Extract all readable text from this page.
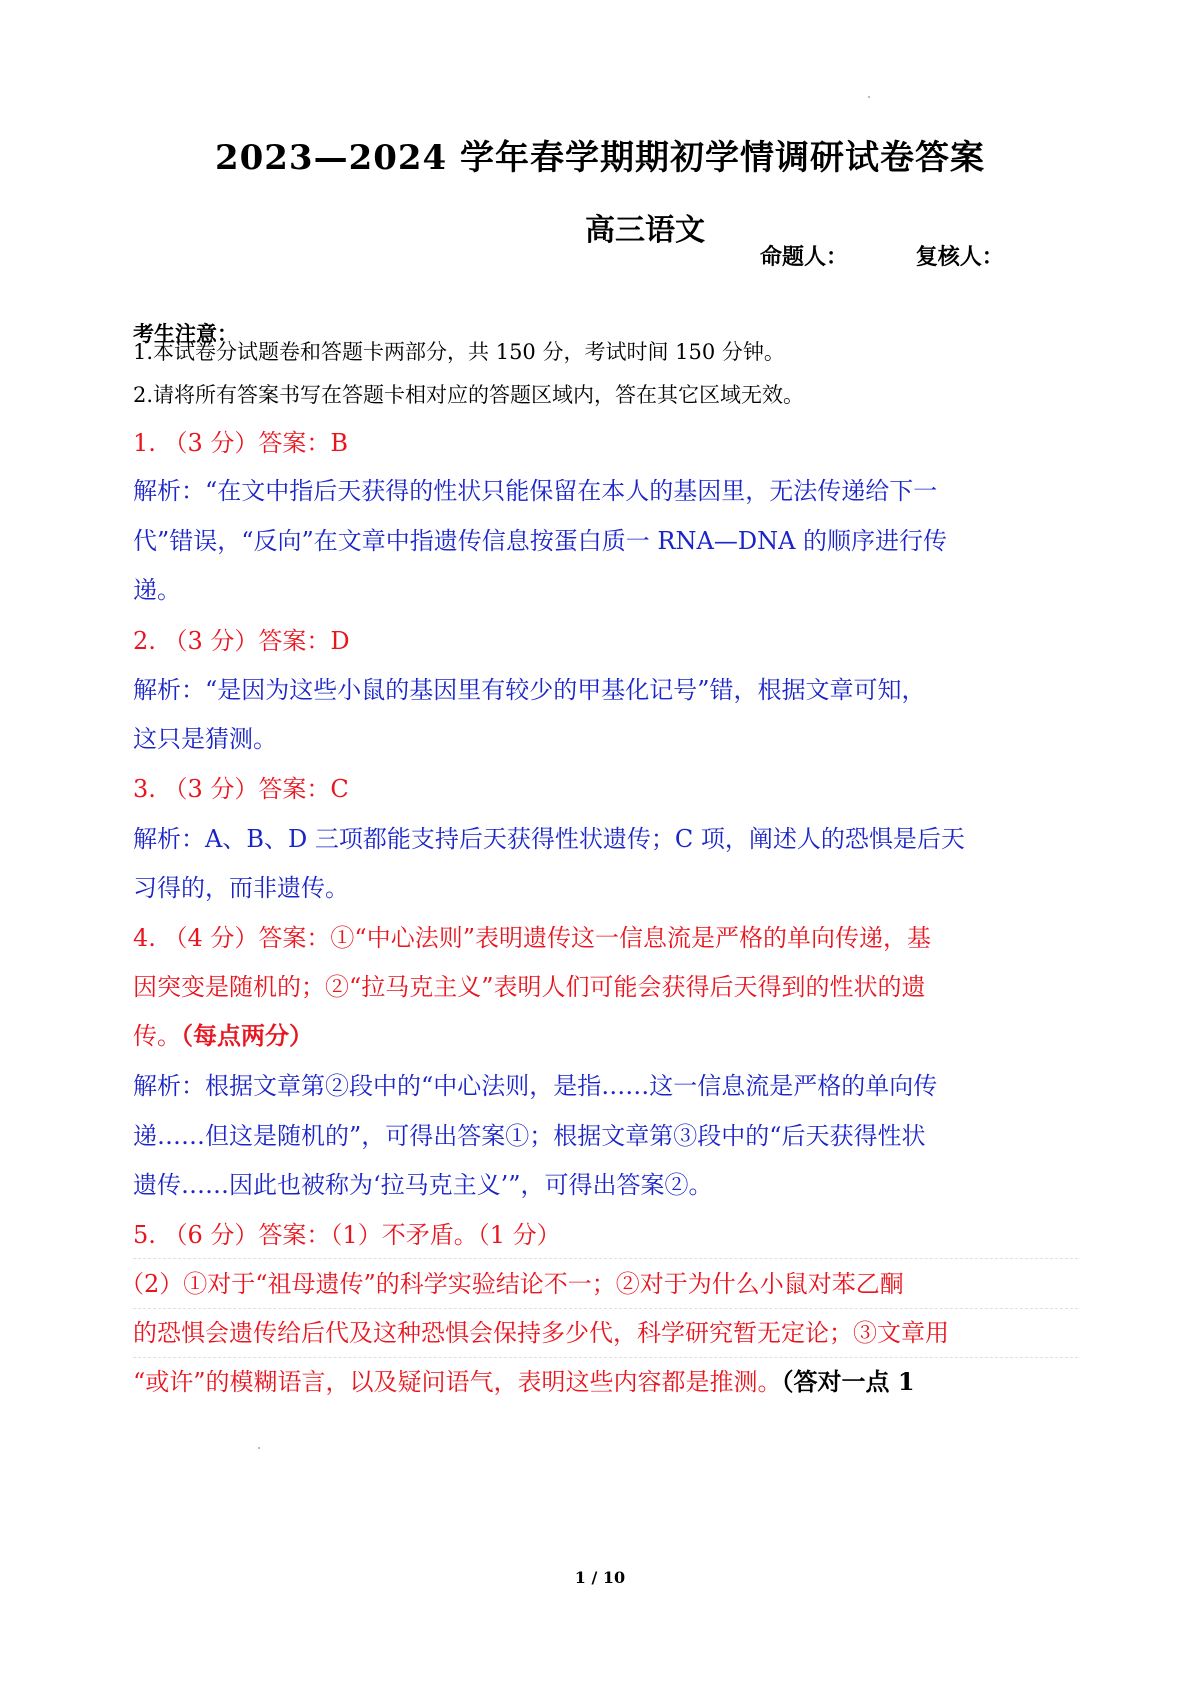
2023—2024 学年春学期期初学情调研试卷答案
高三语文
命题人：	复核人：
考生注意：
1.本试卷分试题卷和答题卡两部分，共 150 分，考试时间 150 分钟。
2.请将所有答案书写在答题卡相对应的答题区域内，答在其它区域无效。
1. （3 分）答案：B
解析：“在文中指后天获得的性状只能保留在本人的基因里，无法传递给下一
代”错误，“反向”在文章中指遗传信息按蛋白质一 RNA—DNA 的顺序进行传
递。
2. （3 分）答案：D
解析：“是因为这些小鼠的基因里有较少的甲基化记号”错，根据文章可知，
这只是猜测。
3. （3 分）答案：C
解析：A、B、D 三项都能支持后天获得性状遗传；C 项，阐述人的恐惧是后天
习得的，而非遗传。
4. （4 分）答案：①“中心法则”表明遗传这一信息流是严格的单向传递，基
因突变是随机的；②“拉马克主义”表明人们可能会获得后天得到的性状的遗
传。（每点两分）
解析：根据文章第②段中的“中心法则，是指……这一信息流是严格的单向传
递……但这是随机的”，可得出答案①；根据文章第③段中的“后天获得性状
遗传……因此也被称为‘拉马克主义’”，可得出答案②。
5. （6 分）答案：（1）不矛盾。（1 分）
（2）①对于“祖母遗传”的科学实验结论不一；②对于为什么小鼠对苯乙酮
的恐惧会遗传给后代及这种恐惧会保持多少代，科学研究暂无定论；③文章用
“或许”的模糊语言，以及疑问语气，表明这些内容都是推测。（答对一点 1
1 / 10
